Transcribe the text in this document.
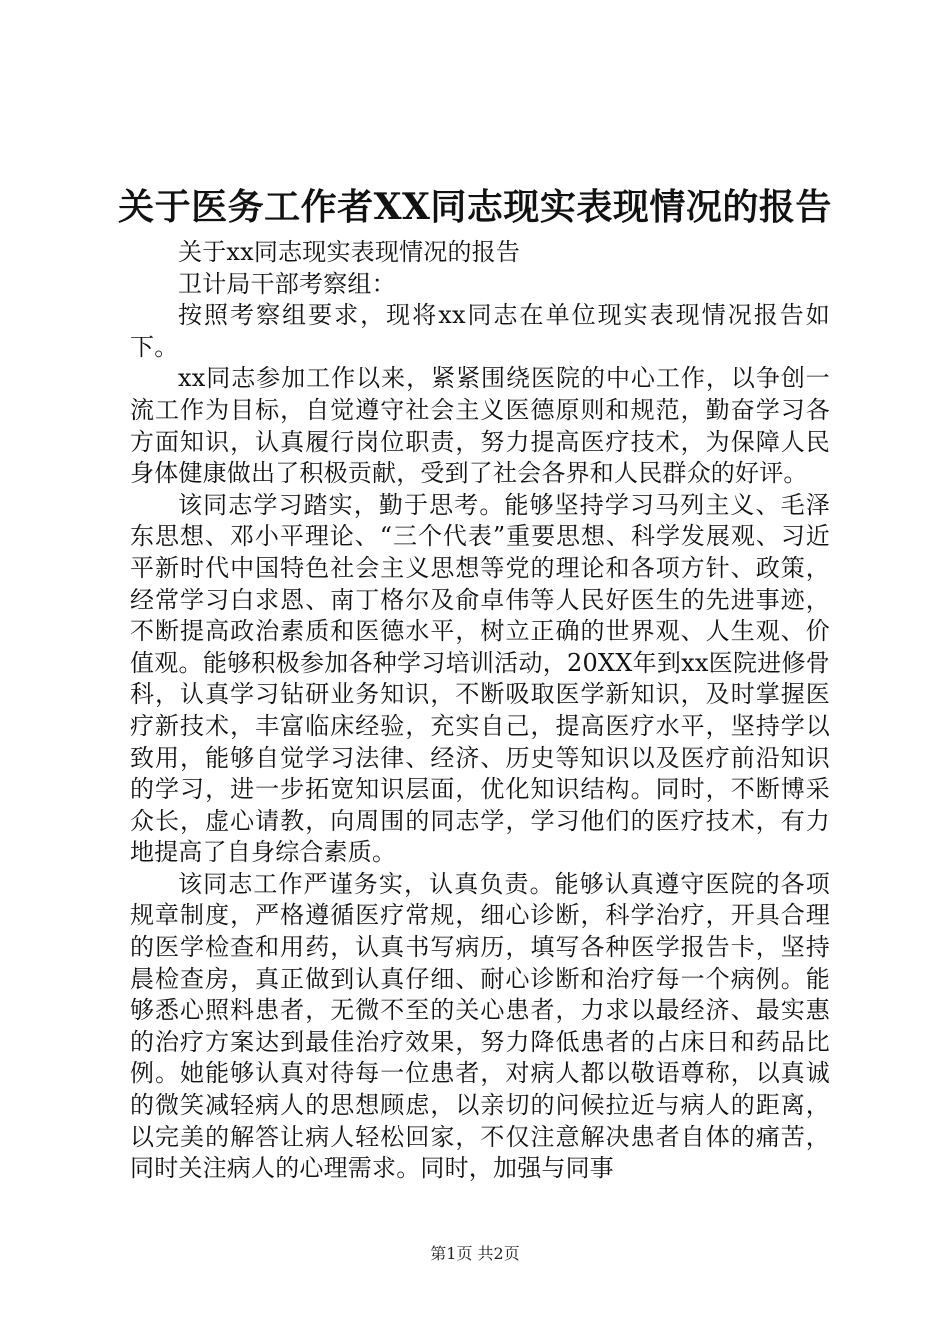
关于医务工作者XX同志现实表现情况的报告

关于xx同志现实表现情况的报告

卫计局干部考察组：

按照考察组要求，现将xx同志在单位现实表现情况报告如下。

xx同志参加工作以来，紧紧围绕医院的中心工作，以争创一流工作为目标，自觉遵守社会主义医德原则和规范，勤奋学习各方面知识，认真履行岗位职责，努力提高医疗技术，为保障人民身体健康做出了积极贡献，受到了社会各界和人民群众的好评。

该同志学习踏实，勤于思考。能够坚持学习马列主义、毛泽东思想、邓小平理论、“三个代表”重要思想、科学发展观、习近平新时代中国特色社会主义思想等党的理论和各项方针、政策，经常学习白求恩、南丁格尔及俞卓伟等人民好医生的先进事迹，不断提高政治素质和医德水平，树立正确的世界观、人生观、价值观。能够积极参加各种学习培训活动，20XX年到xx医院进修骨科，认真学习钻研业务知识，不断吸取医学新知识，及时掌握医疗新技术，丰富临床经验，充实自己，提高医疗水平，坚持学以致用，能够自觉学习法律、经济、历史等知识以及医疗前沿知识的学习，进一步拓宽知识层面，优化知识结构。同时，不断博采众长，虚心请教，向周围的同志学，学习他们的医疗技术，有力地提高了自身综合素质。

该同志工作严谨务实，认真负责。能够认真遵守医院的各项规章制度，严格遵循医疗常规，细心诊断，科学治疗，开具合理的医学检查和用药，认真书写病历，填写各种医学报告卡，坚持晨检查房，真正做到认真仔细、耐心诊断和治疗每一个病例。能够悉心照料患者，无微不至的关心患者，力求以最经济、最实惠的治疗方案达到最佳治疗效果，努力降低患者的占床日和药品比例。她能够认真对待每一位患者，对病人都以敬语尊称，以真诚的微笑减轻病人的思想顾虑，以亲切的问候拉近与病人的距离，以完美的解答让病人轻松回家，不仅注意解决患者自体的痛苦，同时关注病人的心理需求。同时，加强与同事

第1页 共2页
